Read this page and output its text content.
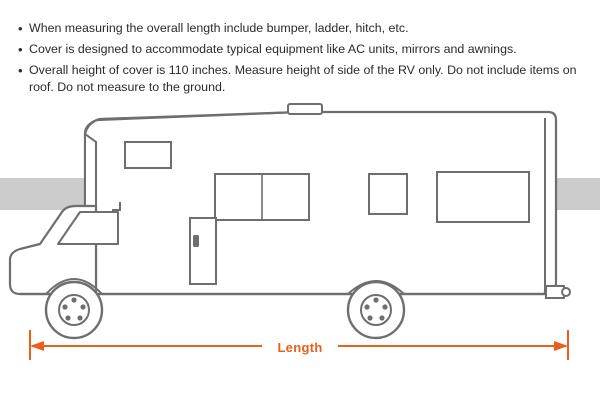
• When measuring the overall length include bumper, ladder, hitch, etc.
• Cover is designed to accommodate typical equipment like AC units, mirrors and awnings.
• Overall height of cover is 110 inches. Measure height of side of the RV only. Do not include items on roof. Do not measure to the ground.
Length
